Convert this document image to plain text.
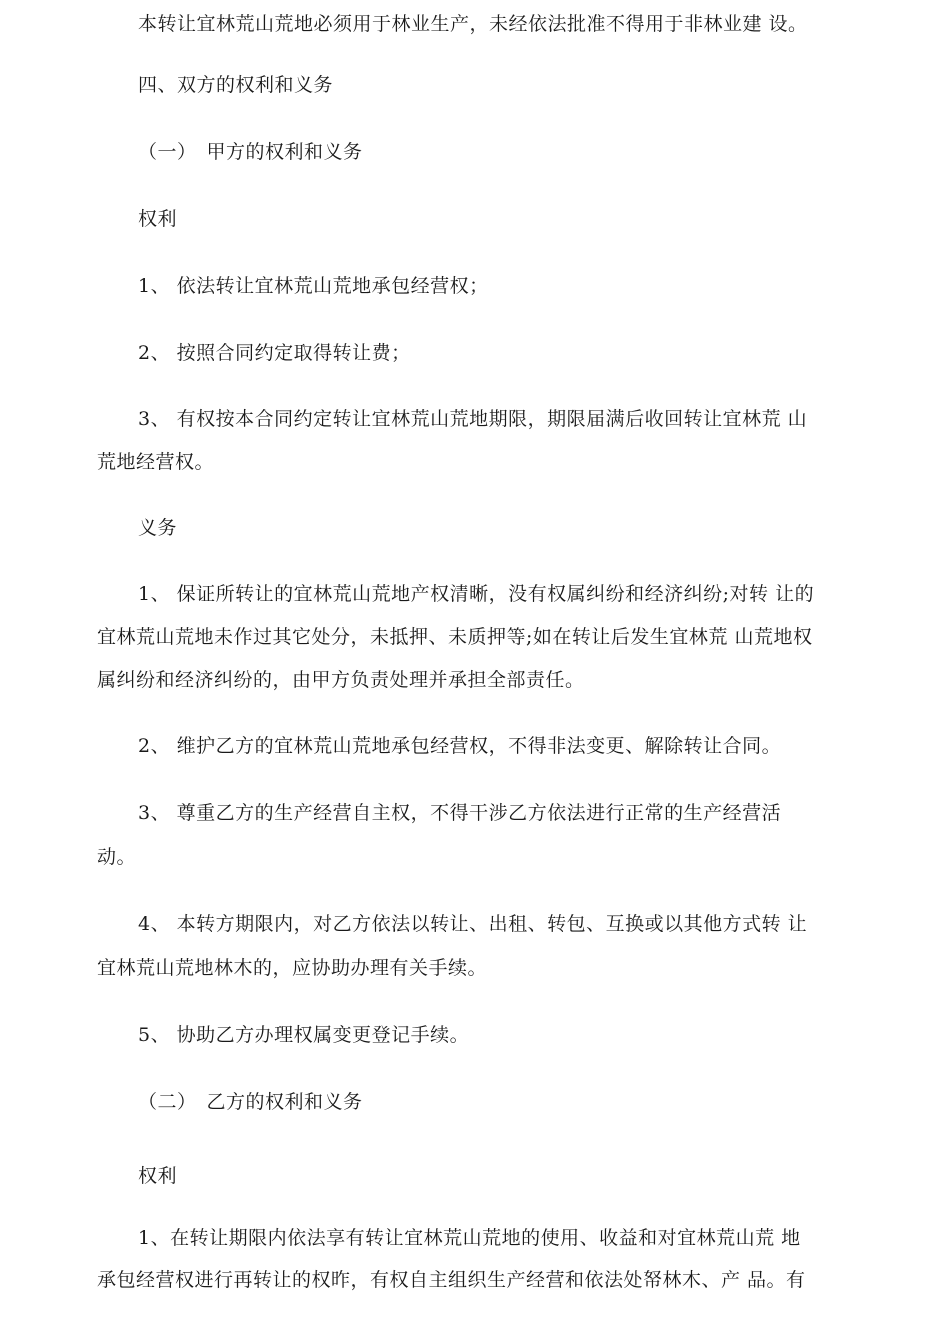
本转让宜林荒山荒地必须用于林业生产，未经依法批准不得用于非林业建 设。
四、双方的权利和义务
（一）　甲方的权利和义务
权利
1、 依法转让宜林荒山荒地承包经营权；
2、 按照合同约定取得转让费；
3、 有权按本合同约定转让宜林荒山荒地期限，期限届满后收回转让宜林荒 山
荒地经营权。
义务
1、 保证所转让的宜林荒山荒地产权清晰，没有权属纠纷和经济纠纷;对转 让的
宜林荒山荒地未作过其它处分，未抵押、未质押等;如在转让后发生宜林荒 山荒地权
属纠纷和经济纠纷的，由甲方负责处理并承担全部责任。
2、 维护乙方的宜林荒山荒地承包经营权，不得非法变更、解除转让合同。
3、 尊重乙方的生产经营自主权，不得干涉乙方依法进行正常的生产经营活
动。
4、 本转方期限内，对乙方依法以转让、出租、转包、互换或以其他方式转 让
宜林荒山荒地林木的，应协助办理有关手续。
5、 协助乙方办理权属变更登记手续。
（二）　乙方的权利和义务
权利
1、在转让期限内依法享有转让宜林荒山荒地的使用、收益和对宜林荒山荒 地
承包经营权进行再转让的权昨，有权自主组织生产经营和依法处帑林木、产 品。有
